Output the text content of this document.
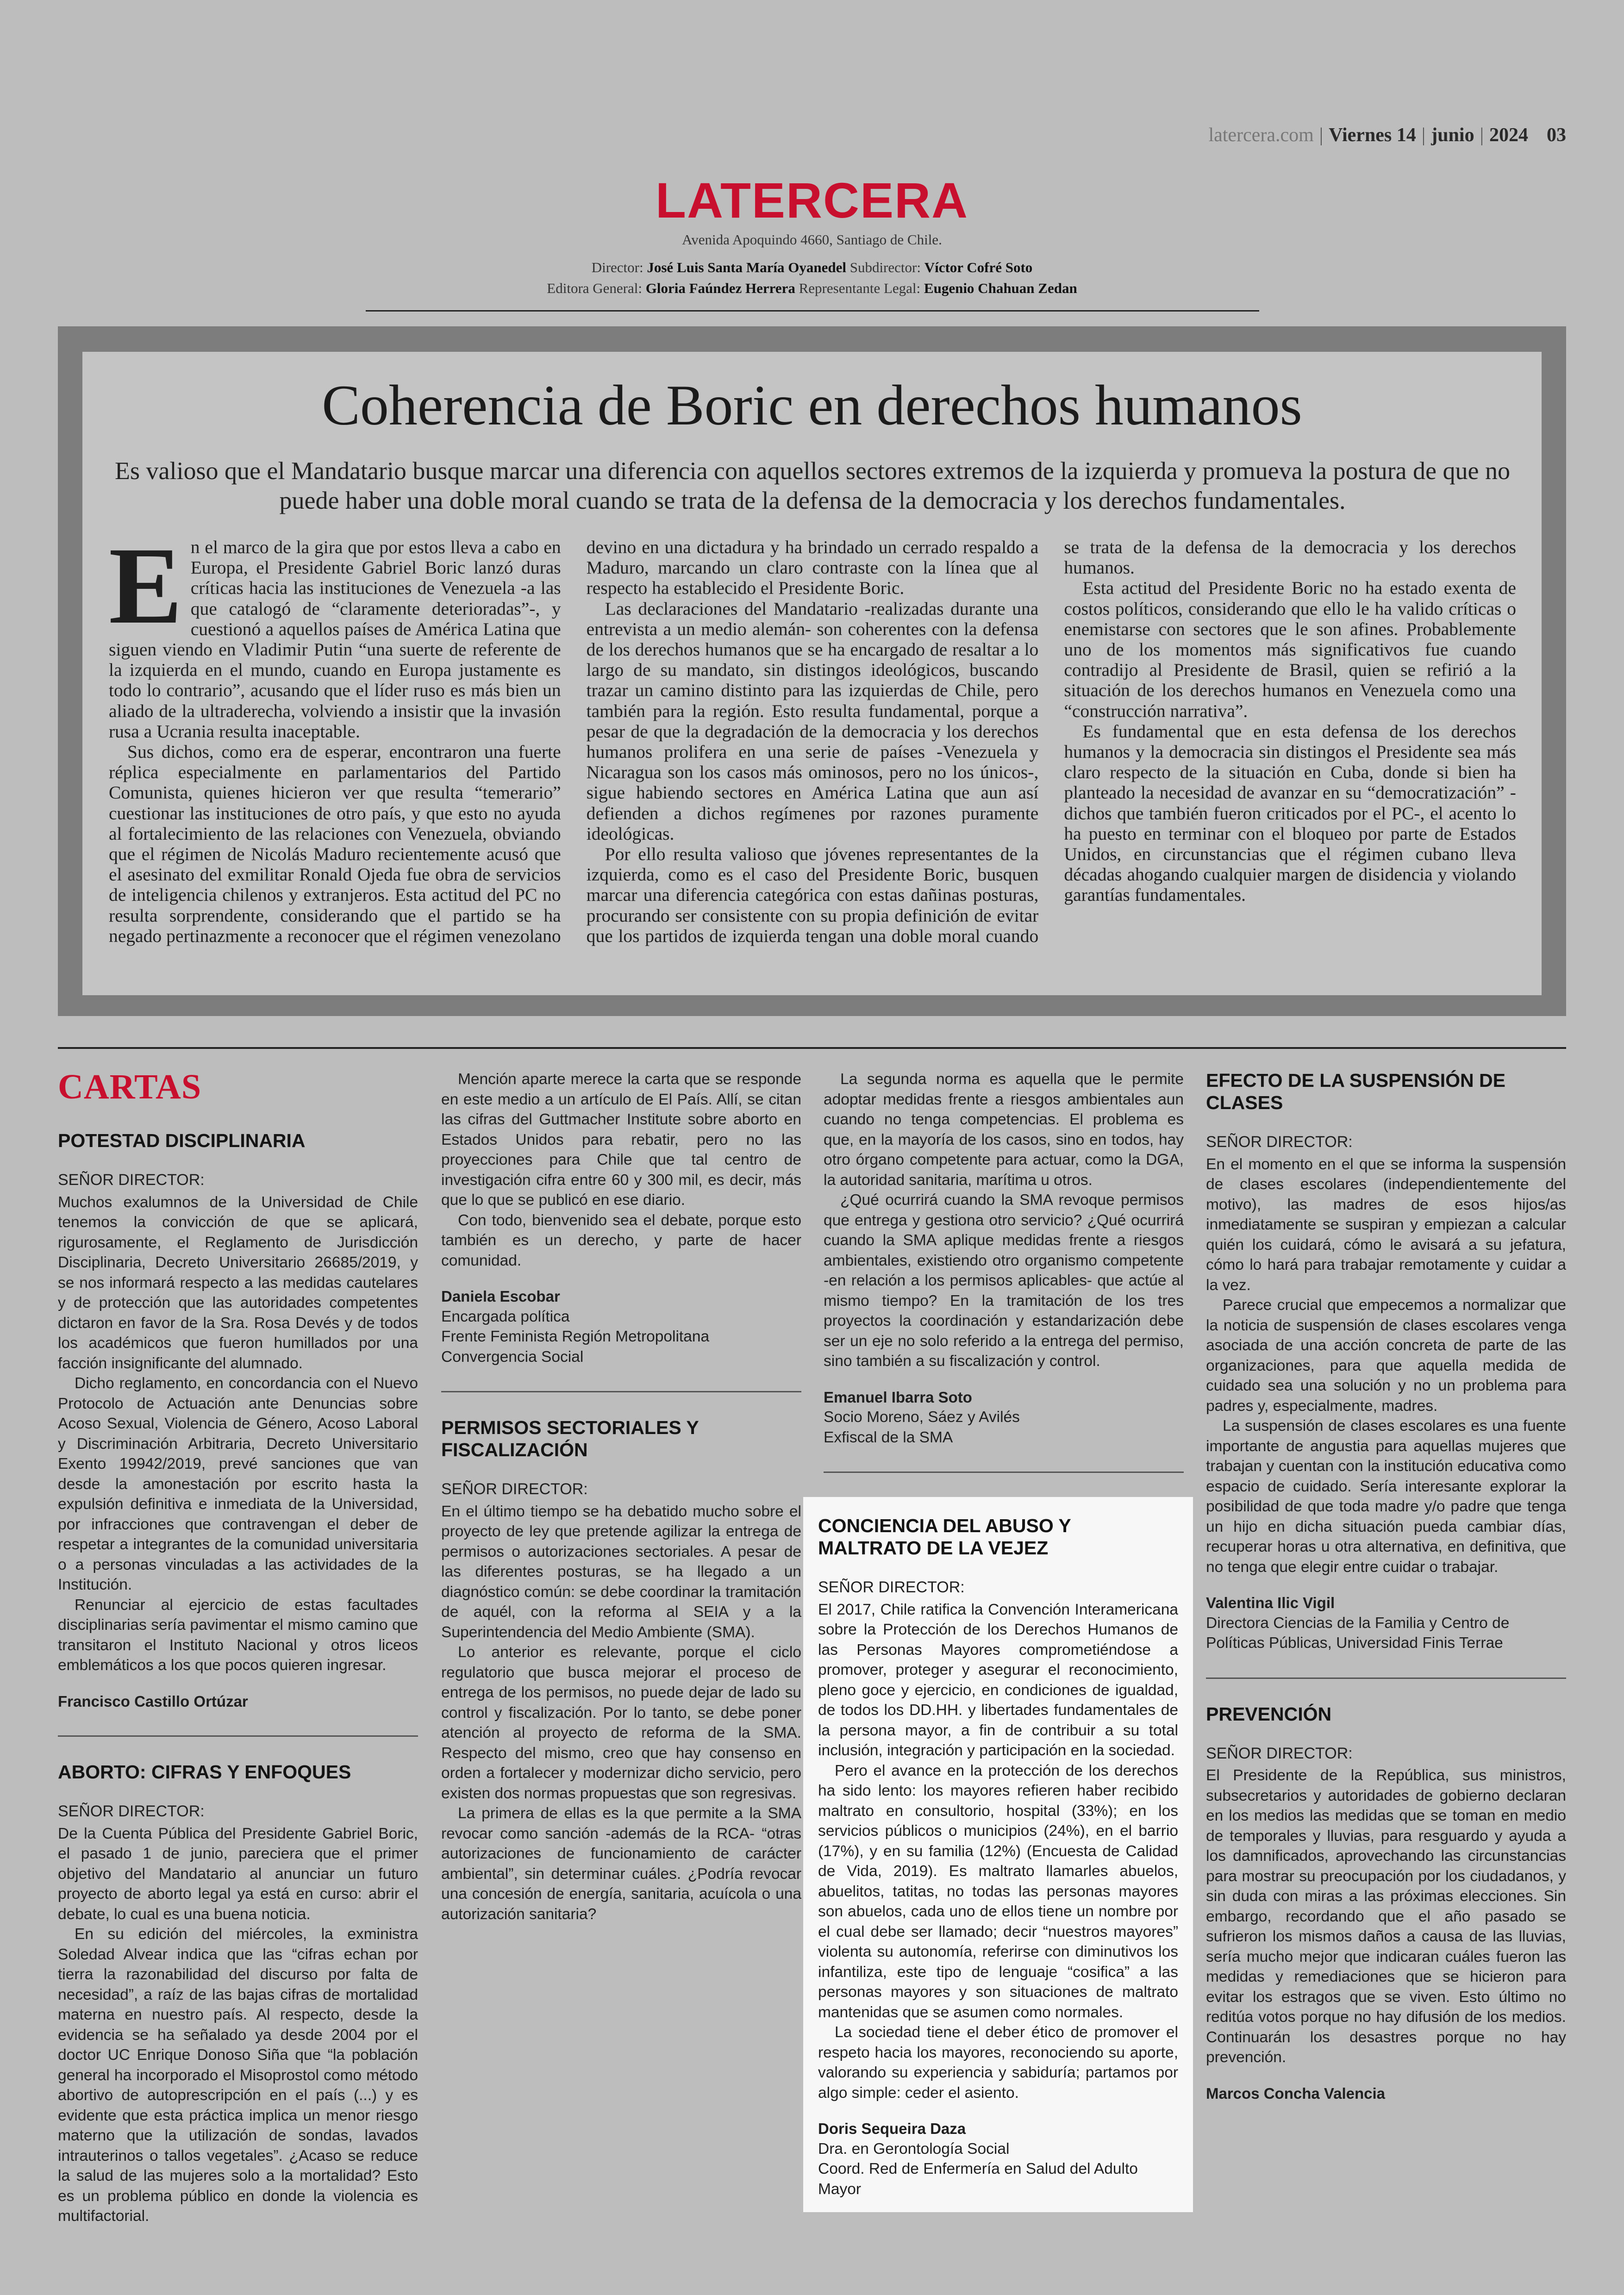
latercera.com | Viernes 14 | junio | 2024 03
LATERCERA
Avenida Apoquindo 4660, Santiago de Chile.
Director: José Luis Santa María Oyanedel Subdirector: Víctor Cofré Soto
Editora General: Gloria Faúndez Herrera Representante Legal: Eugenio Chahuan Zedan
Coherencia de Boric en derechos humanos
Es valioso que el Mandatario busque marcar una diferencia con aquellos sectores extremos de la izquierda y promueva la postura de que no puede haber una doble moral cuando se trata de la defensa de la democracia y los derechos fundamentales.

En el marco de la gira que por estos lleva a cabo en Europa, el Presidente Gabriel Boric lanzó duras críticas hacia las instituciones de Venezuela -a las que catalogó de “claramente deterioradas”-, y cuestionó a aquellos países de América Latina que siguen viendo en Vladimir Putin “una suerte de referente de la izquierda en el mundo, cuando en Europa justamente es todo lo contrario”, acusando que el líder ruso es más bien un aliado de la ultraderecha, volviendo a insistir que la invasión rusa a Ucrania resulta inaceptable.

Sus dichos, como era de esperar, encontraron una fuerte réplica especialmente en parlamentarios del Partido Comunista, quienes hicieron ver que resulta “temerario” cuestionar las instituciones de otro país, y que esto no ayuda al fortalecimiento de las relaciones con Venezuela, obviando que el régimen de Nicolás Maduro recientemente acusó que el asesinato del exmilitar Ronald Ojeda fue obra de servicios de inteligencia chilenos y extranjeros. Esta actitud del PC no resulta sorprendente, considerando que el partido se ha negado pertinazmente a reconocer que el régimen venezolano devino en una dictadura y ha brindado un cerrado respaldo a Maduro, marcando un claro contraste con la línea que al respecto ha establecido el Presidente Boric.

Las declaraciones del Mandatario -realizadas durante una entrevista a un medio alemán- son coherentes con la defensa de los derechos humanos que se ha encargado de resaltar a lo largo de su mandato, sin distingos ideológicos, buscando trazar un camino distinto para las izquierdas de Chile, pero también para la región. Esto resulta fundamental, porque a pesar de que la degradación de la democracia y los derechos humanos prolifera en una serie de países -Venezuela y Nicaragua son los casos más ominosos, pero no los únicos-, sigue habiendo sectores en América Latina que aun así defienden a dichos regímenes por razones puramente ideológicas.

Por ello resulta valioso que jóvenes representantes de la izquierda, como es el caso del Presidente Boric, busquen marcar una diferencia categórica con estas dañinas posturas, procurando ser consistente con su propia definición de evitar que los partidos de izquierda tengan una doble moral cuando se trata de la defensa de la democracia y los derechos humanos.

Esta actitud del Presidente Boric no ha estado exenta de costos políticos, considerando que ello le ha valido críticas o enemistarse con sectores que le son afines. Probablemente uno de los momentos más significativos fue cuando contradijo al Presidente de Brasil, quien se refirió a la situación de los derechos humanos en Venezuela como una “construcción narrativa”.

Es fundamental que en esta defensa de los derechos humanos y la democracia sin distingos el Presidente sea más claro respecto de la situación en Cuba, donde si bien ha planteado la necesidad de avanzar en su “democratización” -dichos que también fueron criticados por el PC-, el acento lo ha puesto en terminar con el bloqueo por parte de Estados Unidos, en circunstancias que el régimen cubano lleva décadas ahogando cualquier margen de disidencia y violando garantías fundamentales.

CARTAS
POTESTAD DISCIPLINARIA

SEÑOR DIRECTOR:

Muchos exalumnos de la Universidad de Chile tenemos la convicción de que se aplicará, rigurosamente, el Reglamento de Jurisdicción Disciplinaria, Decreto Universitario 26685/2019, y se nos informará respecto a las medidas cautelares y de protección que las autoridades competentes dictaron en favor de la Sra. Rosa Devés y de todos los académicos que fueron humillados por una facción insignificante del alumnado.

Dicho reglamento, en concordancia con el Nuevo Protocolo de Actuación ante Denuncias sobre Acoso Sexual, Violencia de Género, Acoso Laboral y Discriminación Arbitraria, Decreto Universitario Exento 19942/2019, prevé sanciones que van desde la amonestación por escrito hasta la expulsión definitiva e inmediata de la Universidad, por infracciones que contravengan el deber de respetar a integrantes de la comunidad universitaria o a personas vinculadas a las actividades de la Institución.

Renunciar al ejercicio de estas facultades disciplinarias sería pavimentar el mismo camino que transitaron el Instituto Nacional y otros liceos emblemáticos a los que pocos quieren ingresar.

Francisco Castillo Ortúzar

ABORTO: CIFRAS Y ENFOQUES

SEÑOR DIRECTOR:

De la Cuenta Pública del Presidente Gabriel Boric, el pasado 1 de junio, pareciera que el primer objetivo del Mandatario al anunciar un futuro proyecto de aborto legal ya está en curso: abrir el debate, lo cual es una buena noticia.

En su edición del miércoles, la exministra Soledad Alvear indica que las “cifras echan por tierra la razonabilidad del discurso por falta de necesidad”, a raíz de las bajas cifras de mortalidad materna en nuestro país. Al respecto, desde la evidencia se ha señalado ya desde 2004 por el doctor UC Enrique Donoso Siña que “la población general ha incorporado el Misoprostol como método abortivo de autoprescripción en el país (...) y es evidente que esta práctica implica un menor riesgo materno que la utilización de sondas, lavados intrauterinos o tallos vegetales”. ¿Acaso se reduce la salud de las mujeres solo a la mortalidad? Esto es un problema público en donde la violencia es multifactorial.

Mención aparte merece la carta que se responde en este medio a un artículo de El País. Allí, se citan las cifras del Guttmacher Institute sobre aborto en Estados Unidos para rebatir, pero no las proyecciones para Chile que tal centro de investigación cifra entre 60 y 300 mil, es decir, más que lo que se publicó en ese diario.

Con todo, bienvenido sea el debate, porque esto también es un derecho, y parte de hacer comunidad.

Daniela Escobar

Encargada política

Frente Feminista Región Metropolitana

Convergencia Social

PERMISOS SECTORIALES Y FISCALIZACIÓN

SEÑOR DIRECTOR:

En el último tiempo se ha debatido mucho sobre el proyecto de ley que pretende agilizar la entrega de permisos o autorizaciones sectoriales. A pesar de las diferentes posturas, se ha llegado a un diagnóstico común: se debe coordinar la tramitación de aquél, con la reforma al SEIA y a la Superintendencia del Medio Ambiente (SMA).

Lo anterior es relevante, porque el ciclo regulatorio que busca mejorar el proceso de entrega de los permisos, no puede dejar de lado su control y fiscalización. Por lo tanto, se debe poner atención al proyecto de reforma de la SMA. Respecto del mismo, creo que hay consenso en orden a fortalecer y modernizar dicho servicio, pero existen dos normas propuestas que son regresivas.

La primera de ellas es la que permite a la SMA revocar como sanción -además de la RCA- “otras autorizaciones de funcionamiento de carácter ambiental”, sin determinar cuáles. ¿Podría revocar una concesión de energía, sanitaria, acuícola o una autorización sanitaria?

La segunda norma es aquella que le permite adoptar medidas frente a riesgos ambientales aun cuando no tenga competencias. El problema es que, en la mayoría de los casos, sino en todos, hay otro órgano competente para actuar, como la DGA, la autoridad sanitaria, marítima u otros.

¿Qué ocurrirá cuando la SMA revoque permisos que entrega y gestiona otro servicio? ¿Qué ocurrirá cuando la SMA aplique medidas frente a riesgos ambientales, existiendo otro organismo competente -en relación a los permisos aplicables- que actúe al mismo tiempo? En la tramitación de los tres proyectos la coordinación y estandarización debe ser un eje no solo referido a la entrega del permiso, sino también a su fiscalización y control.

Emanuel Ibarra Soto

Socio Moreno, Sáez y Avilés

Exfiscal de la SMA

CONCIENCIA DEL ABUSO Y MALTRATO DE LA VEJEZ

SEÑOR DIRECTOR:

El 2017, Chile ratifica la Convención Interamericana sobre la Protección de los Derechos Humanos de las Personas Mayores comprometiéndose a promover, proteger y asegurar el reconocimiento, pleno goce y ejercicio, en condiciones de igualdad, de todos los DD.HH. y libertades fundamentales de la persona mayor, a fin de contribuir a su total inclusión, integración y participación en la sociedad.

Pero el avance en la protección de los derechos ha sido lento: los mayores refieren haber recibido maltrato en consultorio, hospital (33%); en los servicios públicos o municipios (24%), en el barrio (17%), y en su familia (12%) (Encuesta de Calidad de Vida, 2019). Es maltrato llamarles abuelos, abuelitos, tatitas, no todas las personas mayores son abuelos, cada uno de ellos tiene un nombre por el cual debe ser llamado; decir “nuestros mayores” violenta su autonomía, referirse con diminutivos los infantiliza, este tipo de lenguaje “cosifica” a las personas mayores y son situaciones de maltrato mantenidas que se asumen como normales.

La sociedad tiene el deber ético de promover el respeto hacia los mayores, reconociendo su aporte, valorando su experiencia y sabiduría; partamos por algo simple: ceder el asiento.

Doris Sequeira Daza

Dra. en Gerontología Social

Coord. Red de Enfermería en Salud del Adulto Mayor

EFECTO DE LA SUSPENSIÓN DE CLASES

SEÑOR DIRECTOR:

En el momento en el que se informa la suspensión de clases escolares (independientemente del motivo), las madres de esos hijos/as inmediatamente se suspiran y empiezan a calcular quién los cuidará, cómo le avisará a su jefatura, cómo lo hará para trabajar remotamente y cuidar a la vez.

Parece crucial que empecemos a normalizar que la noticia de suspensión de clases escolares venga asociada de una acción concreta de parte de las organizaciones, para que aquella medida de cuidado sea una solución y no un problema para padres y, especialmente, madres.

La suspensión de clases escolares es una fuente importante de angustia para aquellas mujeres que trabajan y cuentan con la institución educativa como espacio de cuidado. Sería interesante explorar la posibilidad de que toda madre y/o padre que tenga un hijo en dicha situación pueda cambiar días, recuperar horas u otra alternativa, en definitiva, que no tenga que elegir entre cuidar o trabajar.

Valentina Ilic Vigil

Directora Ciencias de la Familia y Centro de Políticas Públicas, Universidad Finis Terrae

PREVENCIÓN

SEÑOR DIRECTOR:

El Presidente de la República, sus ministros, subsecretarios y autoridades de gobierno declaran en los medios las medidas que se toman en medio de temporales y lluvias, para resguardo y ayuda a los damnificados, aprovechando las circunstancias para mostrar su preocupación por los ciudadanos, y sin duda con miras a las próximas elecciones. Sin embargo, recordando que el año pasado se sufrieron los mismos daños a causa de las lluvias, sería mucho mejor que indicaran cuáles fueron las medidas y remediaciones que se hicieron para evitar los estragos que se viven. Esto último no reditúa votos porque no hay difusión de los medios. Continuarán los desastres porque no hay prevención.

Marcos Concha Valencia
